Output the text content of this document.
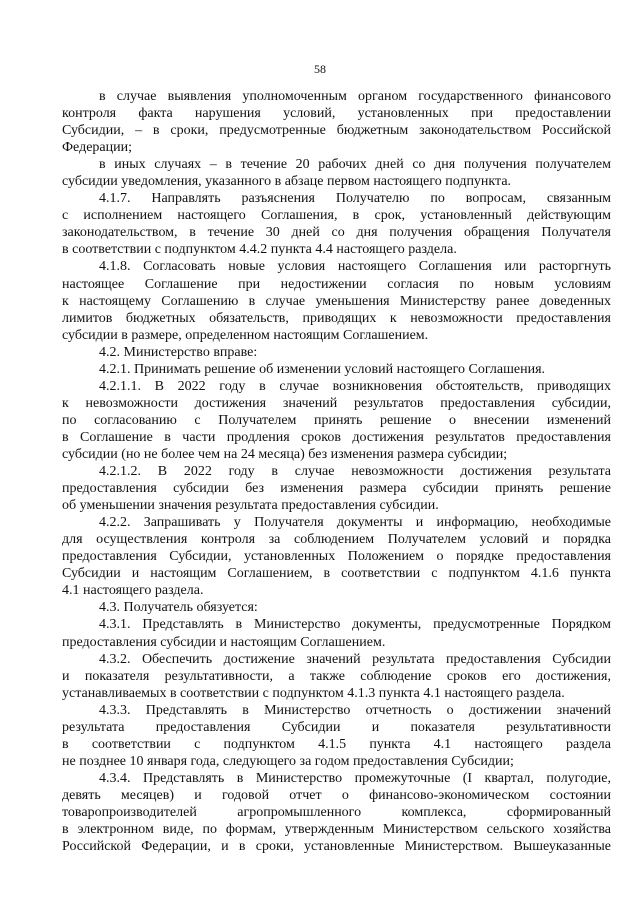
58
в случае выявления уполномоченным органом государственного финансового
контроля факта нарушения условий, установленных при предоставлении
Субсидии, – в сроки, предусмотренные бюджетным законодательством Российской
Федерации;
в иных случаях – в течение 20 рабочих дней со дня получения получателем
субсидии уведомления, указанного в абзаце первом настоящего подпункта.
4.1.7. Направлять разъяснения Получателю по вопросам, связанным
с исполнением настоящего Соглашения, в срок, установленный действующим
законодательством, в течение 30 дней со дня получения обращения Получателя
в соответствии с подпунктом 4.4.2 пункта 4.4 настоящего раздела.
4.1.8. Согласовать новые условия настоящего Соглашения или расторгнуть
настоящее Соглашение при недостижении согласия по новым условиям
к настоящему Соглашению в случае уменьшения Министерству ранее доведенных
лимитов бюджетных обязательств, приводящих к невозможности предоставления
субсидии в размере, определенном настоящим Соглашением.
4.2. Министерство вправе:
4.2.1. Принимать решение об изменении условий настоящего Соглашения.
4.2.1.1. В 2022 году в случае возникновения обстоятельств, приводящих
к невозможности достижения значений результатов предоставления субсидии,
по согласованию с Получателем принять решение о внесении изменений
в Соглашение в части продления сроков достижения результатов предоставления
субсидии (но не более чем на 24 месяца) без изменения размера субсидии;
4.2.1.2. В 2022 году в случае невозможности достижения результата
предоставления субсидии без изменения размера субсидии принять решение
об уменьшении значения результата предоставления субсидии.
4.2.2. Запрашивать у Получателя документы и информацию, необходимые
для осуществления контроля за соблюдением Получателем условий и порядка
предоставления Субсидии, установленных Положением о порядке предоставления
Субсидии и настоящим Соглашением, в соответствии с подпунктом 4.1.6 пункта
4.1 настоящего раздела.
4.3. Получатель обязуется:
4.3.1. Представлять в Министерство документы, предусмотренные Порядком
предоставления субсидии и настоящим Соглашением.
4.3.2. Обеспечить достижение значений результата предоставления Субсидии
и показателя результативности, а также соблюдение сроков его достижения,
устанавливаемых в соответствии с подпунктом 4.1.3 пункта 4.1 настоящего раздела.
4.3.3. Представлять в Министерство отчетность о достижении значений
результата предоставления Субсидии и показателя результативности
в соответствии с подпунктом 4.1.5 пункта 4.1 настоящего раздела
не позднее 10 января года, следующего за годом предоставления Субсидии;
4.3.4. Представлять в Министерство промежуточные (I квартал, полугодие,
девять месяцев) и годовой отчет о финансово-экономическом состоянии
товаропроизводителей агропромышленного комплекса, сформированный
в электронном виде, по формам, утвержденным Министерством сельского хозяйства
Российской Федерации, и в сроки, установленные Министерством. Вышеуказанные
